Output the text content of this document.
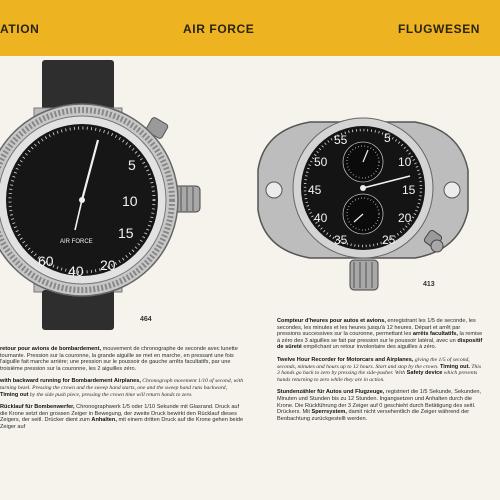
ATION	AIR FORCE	FLUGWESEN
5
10
15
20
40
60
AIR FORCE
464
55	5
50	10
45	15
40	20
35	25
413

retour pour avions de bombardement, mouvement de chronographe de seconde avec lunette tournante. Pression sur la couronne, la grande aiguille se met en marche, en pressant une fois l'aiguille fait marche arrière; une pression sur le poussoir de gauche arrêts facultatifs, par une troisième pression sur la couronne, les 2 aiguilles zéro.

with backward running for Bombardement Airplanes, Chronograph movement 1/10 of second, with turning bezel. Pressing the crown and the sweep hand starts, one and the sweep hand runs backward, Timing out by the side push piece, pressing the crown time will return hands to zero.

Rücklauf für Bombenwerfer, Chronographwerk 1/5 oder 1/10 Sekunde mit Glasrand. Druck auf die Krone setzt den grossen Zeiger in Bewegung, der zweite Druck bewirkt den Rücklauf dieses Zeigers, der seitl. Drücker dient zum Anhalten, mit einem dritten Druck auf die Krone gehen beide Zeiger auf

Compteur d'heures pour autos et avions, enregistrant les 1/5 de seconde, les secondes, les minutes et les heures jusqu'à 12 heures. Départ et arrêt par pressions successives sur la couronne, permettant les arrêts facultatifs, la remise à zéro des 3 aiguilles se fait par pression sur le poussoir latéral, avec un dispositif de sûreté empêchant un retour involontaire des aiguilles à zéro.

Twelve Hour Recorder for Motorcars and Airplanes, giving the 1/5 of second, seconds, minutes and hours up to 12 hours. Start and stop by the crown. Timing out. This 3 hands go back to zero by pressing the side-pusher. With Safety device which prevents hands returning to zero while they are in action.

Stundenzähler für Autos und Flugzeuge, registriert die 1/5 Sekunde, Sekunden, Minuten und Stunden bis zu 12 Stunden. Ingangsetzen und Anhalten durch die Krone. Die Rückführung der 3 Zeiger auf 0 geschieht durch Betätigung des seitl. Drückers. Mit Sperrsystem, damit nicht versehentlich die Zeiger während der Beobachtung zurückgestellt werden.
